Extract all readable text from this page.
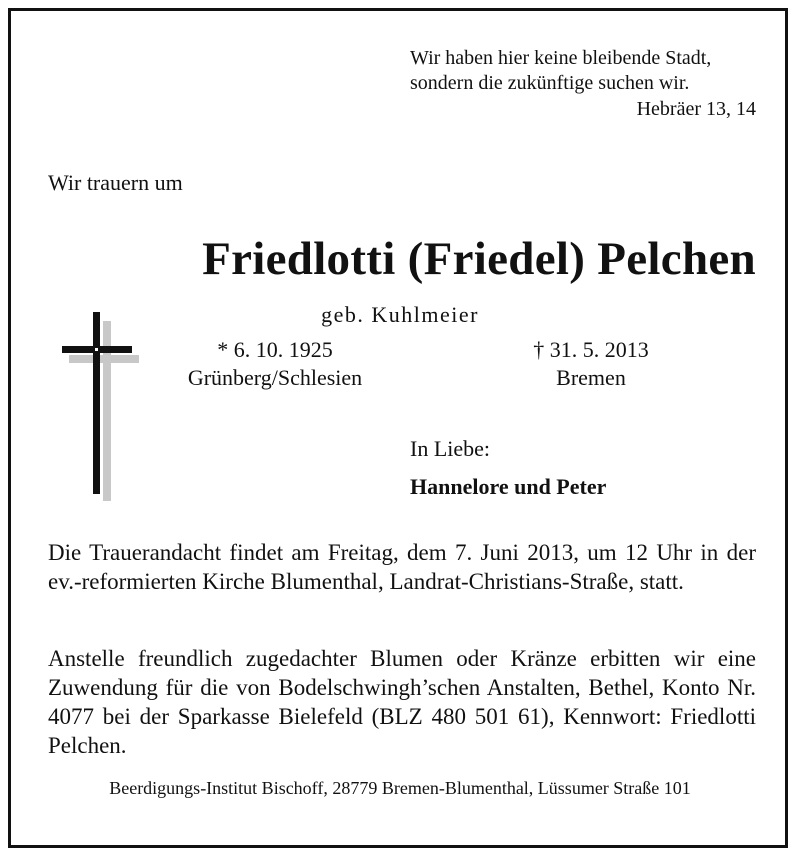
Wir haben hier keine bleibende Stadt,
sondern die zukünftige suchen wir.
Hebräer 13, 14
Wir trauern um
Friedlotti (Friedel) Pelchen
geb. Kuhlmeier
* 6. 10. 1925
Grünberg/Schlesien
† 31. 5. 2013
Bremen
In Liebe:
Hannelore und Peter
Die Trauerandacht findet am Freitag, dem 7. Juni 2013, um 12 Uhr in der ev.-reformierten Kirche Blumenthal, Landrat-Christians-Straße, statt.
Anstelle freundlich zugedachter Blumen oder Kränze erbitten wir eine Zuwendung für die von Bodelschwingh’schen Anstalten, Bethel, Konto Nr. 4077 bei der Sparkasse Bielefeld (BLZ 480 501 61), Kennwort: Friedlotti Pelchen.
Beerdigungs-Institut Bischoff, 28779 Bremen-Blumenthal, Lüssumer Straße 101
